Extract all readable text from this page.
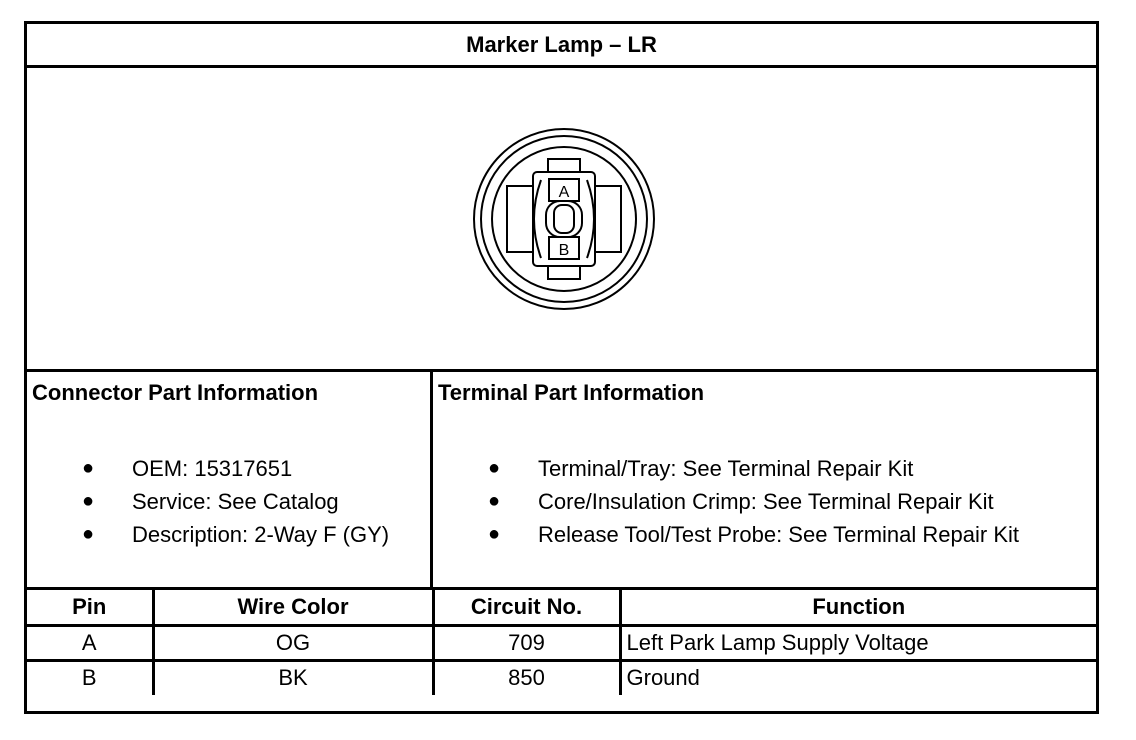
Marker Lamp – LR
A
B
Connector Part Information
● OEM: 15317651
● Service: See Catalog
● Description: 2-Way F (GY)
Terminal Part Information
● Terminal/Tray: See Terminal Repair Kit
● Core/Insulation Crimp: See Terminal Repair Kit
● Release Tool/Test Probe: See Terminal Repair Kit
Pin	Wire Color	Circuit No.	Function
A	OG	709	Left Park Lamp Supply Voltage
B	BK	850	Ground
